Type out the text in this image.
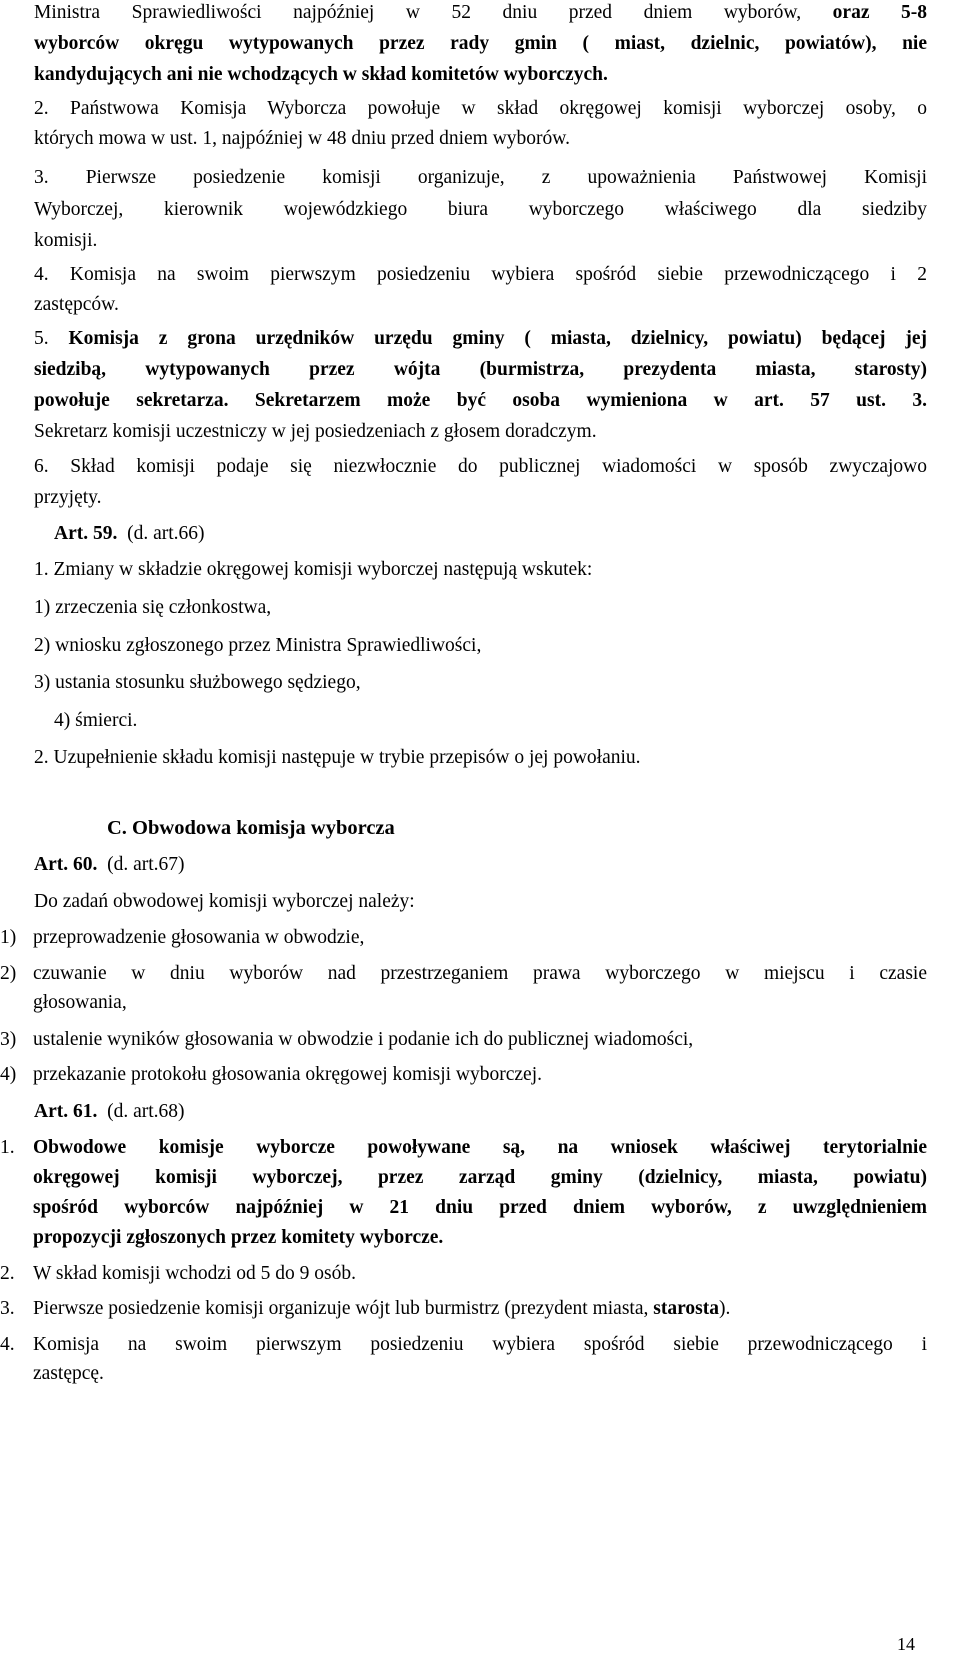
Ministra Sprawiedliwości najpóźniej w 52 dniu przed dniem wyborów, oraz 5-8
wyborców okręgu wytypowanych przez rady gmin ( miast, dzielnic, powiatów), nie
kandydujących ani nie wchodzących w skład komitetów wyborczych.
2. Państwowa Komisja Wyborcza powołuje w skład okręgowej komisji wyborczej osoby, o
których mowa w ust. 1, najpóźniej w 48 dniu przed dniem wyborów.
3. Pierwsze posiedzenie komisji organizuje, z upoważnienia Państwowej Komisji
Wyborczej, kierownik wojewódzkiego biura wyborczego właściwego dla siedziby
komisji.
4. Komisja na swoim pierwszym posiedzeniu wybiera spośród siebie przewodniczącego i 2
zastępców.
5. Komisja z grona urzędników urzędu gminy ( miasta, dzielnicy, powiatu) będącej jej
siedzibą, wytypowanych przez wójta (burmistrza, prezydenta miasta, starosty)
powołuje sekretarza. Sekretarzem może być osoba wymieniona w art. 57 ust. 3.
Sekretarz komisji uczestniczy w jej posiedzeniach z głosem doradczym.
6. Skład komisji podaje się niezwłocznie do publicznej wiadomości w sposób zwyczajowo
przyjęty.
Art. 59. (d. art.66)
1. Zmiany w składzie okręgowej komisji wyborczej następują wskutek:
1) zrzeczenia się członkostwa,
2) wniosku zgłoszonego przez Ministra Sprawiedliwości,
3) ustania stosunku służbowego sędziego,
4) śmierci.
2. Uzupełnienie składu komisji następuje w trybie przepisów o jej powołaniu.
C. Obwodowa komisja wyborcza
Art. 60. (d. art.67)
Do zadań obwodowej komisji wyborczej należy:
1) przeprowadzenie głosowania w obwodzie,
2) czuwanie w dniu wyborów nad przestrzeganiem prawa wyborczego w miejscu i czasie
głosowania,
3) ustalenie wyników głosowania w obwodzie i podanie ich do publicznej wiadomości,
4) przekazanie protokołu głosowania okręgowej komisji wyborczej.
Art. 61. (d. art.68)
1. Obwodowe komisje wyborcze powoływane są, na wniosek właściwej terytorialnie
okręgowej komisji wyborczej, przez zarząd gminy (dzielnicy, miasta, powiatu)
spośród wyborców najpóźniej w 21 dniu przed dniem wyborów, z uwzględnieniem
propozycji zgłoszonych przez komitety wyborcze.
2. W skład komisji wchodzi od 5 do 9 osób.
3. Pierwsze posiedzenie komisji organizuje wójt lub burmistrz (prezydent miasta, starosta).
4. Komisja na swoim pierwszym posiedzeniu wybiera spośród siebie przewodniczącego i
zastępcę.
14
